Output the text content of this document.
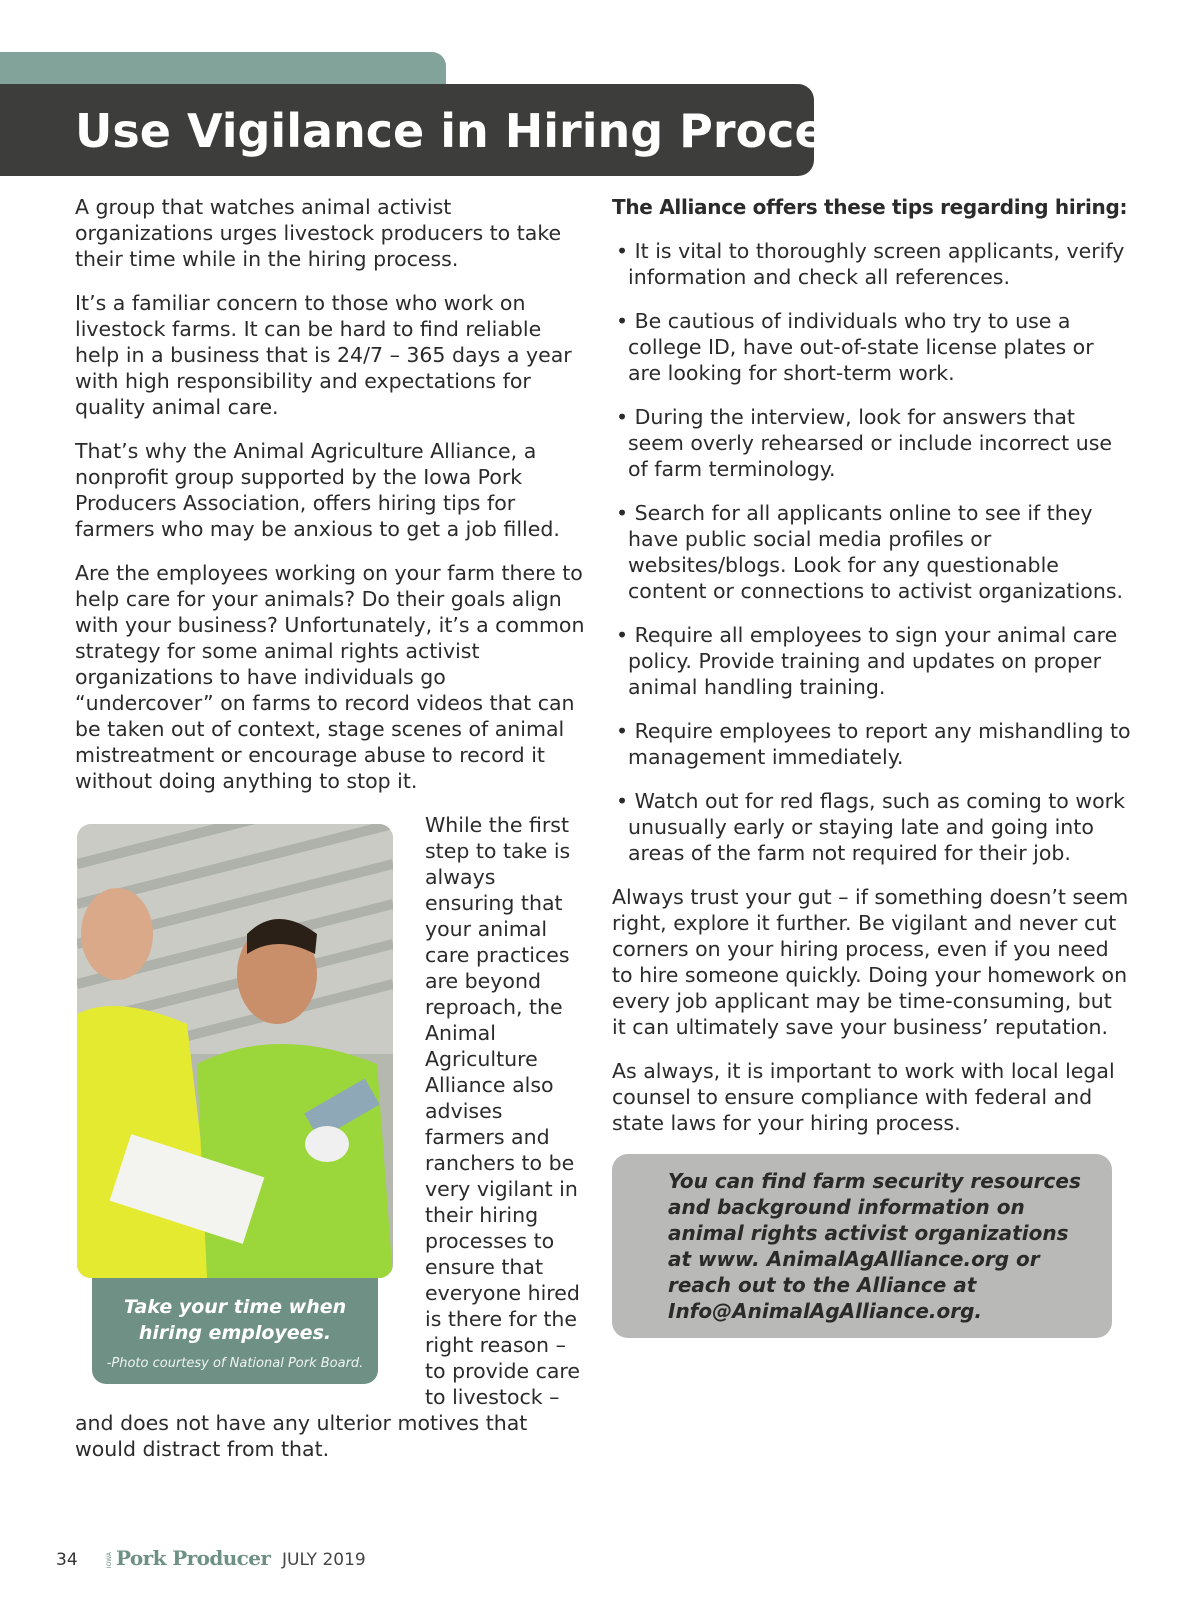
Use Vigilance in Hiring Process

A group that watches animal activist organizations urges livestock producers to take their time while in the hiring process.

It’s a familiar concern to those who work on livestock farms. It can be hard to find reliable help in a business that is 24/7 – 365 days a year with high responsibility and expectations for quality animal care.

That’s why the Animal Agriculture Alliance, a nonprofit group supported by the Iowa Pork Producers Association, offers hiring tips for farmers who may be anxious to get a job filled.

Are the employees working on your farm there to help care for your animals? Do their goals align with your business? Unfortunately, it’s a common strategy for some animal rights activist organizations to have individuals go “undercover” on farms to record videos that can be taken out of context, stage scenes of animal mistreatment or encourage abuse to record it without doing anything to stop it.

Take your time when hiring employees.
-Photo courtesy of National Pork Board.

While the first step to take is always ensuring that your animal care practices are beyond reproach, the Animal Agriculture Alliance also advises farmers and ranchers to be very vigilant in their hiring processes to ensure that everyone hired is there for the right reason – to provide care to livestock – and does not have any ulterior motives that would distract from that.

The Alliance offers these tips regarding hiring:

• It is vital to thoroughly screen applicants, verify information and check all references.
• Be cautious of individuals who try to use a college ID, have out-of-state license plates or are looking for short-term work.
• During the interview, look for answers that seem overly rehearsed or include incorrect use of farm terminology.
• Search for all applicants online to see if they have public social media profiles or websites/blogs. Look for any questionable content or connections to activist organizations.
• Require all employees to sign your animal care policy. Provide training and updates on proper animal handling training.
• Require employees to report any mishandling to management immediately.
• Watch out for red flags, such as coming to work unusually early or staying late and going into areas of the farm not required for their job.

Always trust your gut – if something doesn’t seem right, explore it further. Be vigilant and never cut corners on your hiring process, even if you need to hire someone quickly. Doing your homework on every job applicant may be time-consuming, but it can ultimately save your business’ reputation.

As always, it is important to work with local legal counsel to ensure compliance with federal and state laws for your hiring process.

You can find farm security resources and background information on animal rights activist organizations at www. AnimalAgAlliance.org or reach out to the Alliance at Info@AnimalAgAlliance.org.
34	IOWA Pork Producer JULY 2019
